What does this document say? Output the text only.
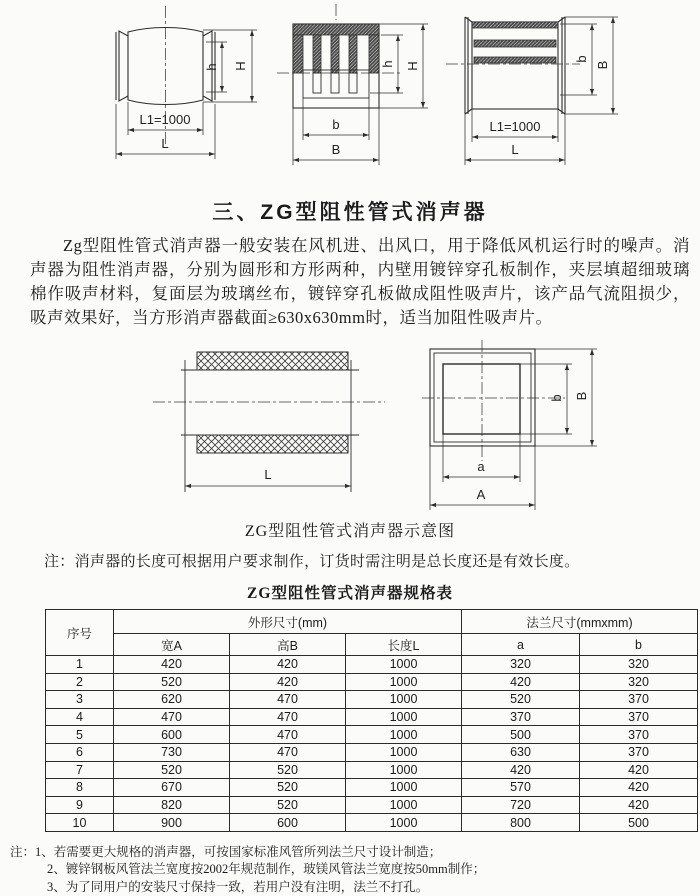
h H
L1=1000
L
h H
b
B
b
B
L1=1000
L
三、ZG型阻性管式消声器

Zg型阻性管式消声器一般安装在风机进、出风口，用于降低风机运行时的噪声。消声器为阻性消声器，分别为圆形和方形两种，内壁用镀锌穿孔板制作，夹层填超细玻璃棉作吸声材料，复面层为玻璃丝布，镀锌穿孔板做成阻性吸声片，该产品气流阻损少，吸声效果好，当方形消声器截面≥630x630mm时，适当加阻性吸声片。

L
b B
a
A
ZG型阻性管式消声器示意图
注：消声器的长度可根据用户要求制作，订货时需注明是总长度还是有效长度。
ZG型阻性管式消声器规格表
序号	外形尺寸(mm)			法兰尺寸(mmxmm)	
	宽A	高B	长度L	a	b
1	420	420	1000	320	320
2	520	420	1000	420	320
3	620	470	1000	520	370
4	470	470	1000	370	370
5	600	470	1000	500	370
6	730	470	1000	630	370
7	520	520	1000	420	420
8	670	520	1000	570	420
9	820	520	1000	720	420
10	900	600	1000	800	500
注：1、若需要更大规格的消声器，可按国家标准风管所列法兰尺寸设计制造；
2、镀锌钢板风管法兰宽度按2002年规范制作，玻镁风管法兰宽度按50mm制作；
3、为了同用户的安装尺寸保持一致，若用户没有注明，法兰不打孔。
